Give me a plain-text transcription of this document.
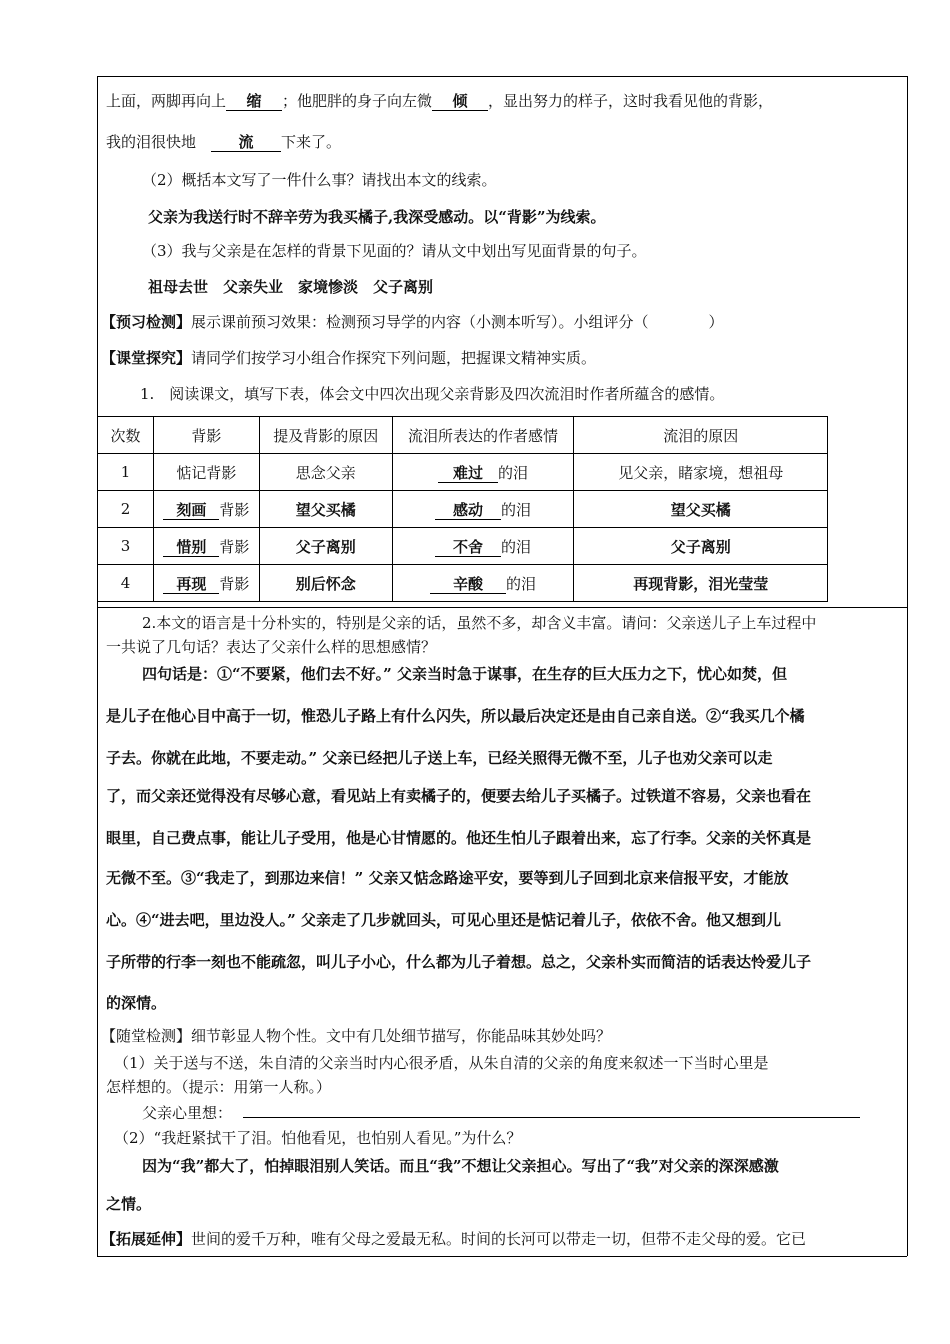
上面，两脚再向上 缩 ；他肥胖的身子向左微 倾 ，显出努力的样子，这时我看见他的背影，
我的泪很快地　	流 下来了。
（2）概括本文写了一件什么事？请找出本文的线索。
父亲为我送行时不辞辛劳为我买橘子,我深受感动。以“背影”为线索。
（3）我与父亲是在怎样的背景下见面的？请从文中划出写见面背景的句子。
祖母去世　父亲失业　家境惨淡　父子离别
【预习检测】展示课前预习效果：检测预习导学的内容（小测本听写）。小组评分（　　　　）
【课堂探究】请同学们按学习小组合作探究下列问题，把握课文精神实质。
1.　阅读课文，填写下表，体会文中四次出现父亲背影及四次流泪时作者所蕴含的感情。
次数	背影	提及背影的原因	流泪所表达的作者感情	流泪的原因
1	惦记背影	思念父亲	难过 的泪	见父亲，睹家境，想祖母
2	刻画 背影	望父买橘	感动 的泪	望父买橘
3	惜别 背影	父子离别	不舍 的泪	父子离别
4	再现 背影	别后怀念	辛酸 的泪	再现背影，泪光莹莹
2.本文的语言是十分朴实的，特别是父亲的话，虽然不多，却含义丰富。请问：父亲送儿子上车过程中
一共说了几句话？表达了父亲什么样的思想感情？
四句话是：①“不要紧，他们去不好。” 父亲当时急于谋事，在生存的巨大压力之下，忧心如焚，但
是儿子在他心目中高于一切，惟恐儿子路上有什么闪失，所以最后决定还是由自己亲自送。②“我买几个橘
子去。你就在此地，不要走动。” 父亲已经把儿子送上车，已经关照得无微不至，儿子也劝父亲可以走
了，而父亲还觉得没有尽够心意，看见站上有卖橘子的，便要去给儿子买橘子。过铁道不容易，父亲也看在
眼里，自己费点事，能让儿子受用，他是心甘情愿的。他还生怕儿子跟着出来，忘了行李。父亲的关怀真是
无微不至。③“我走了，到那边来信！” 父亲又惦念路途平安，要等到儿子回到北京来信报平安，才能放
心。④“进去吧，里边没人。” 父亲走了几步就回头，可见心里还是惦记着儿子，依依不舍。他又想到儿
子所带的行李一刻也不能疏忽，叫儿子小心，什么都为儿子着想。总之，父亲朴实而简洁的话表达怜爱儿子
的深情。
【随堂检测】细节彰显人物个性。文中有几处细节描写，你能品味其妙处吗？
（1）关于送与不送，朱自清的父亲当时内心很矛盾，从朱自清的父亲的角度来叙述一下当时心里是
怎样想的。（提示：用第一人称。）
父亲心里想：
（2）“我赶紧拭干了泪。怕他看见，也怕别人看见。”为什么？
因为“我”都大了，怕掉眼泪别人笑话。而且“我”不想让父亲担心。写出了“我”对父亲的深深感激
之情。
【拓展延伸】世间的爱千万种，唯有父母之爱最无私。时间的长河可以带走一切，但带不走父母的爱。它已
